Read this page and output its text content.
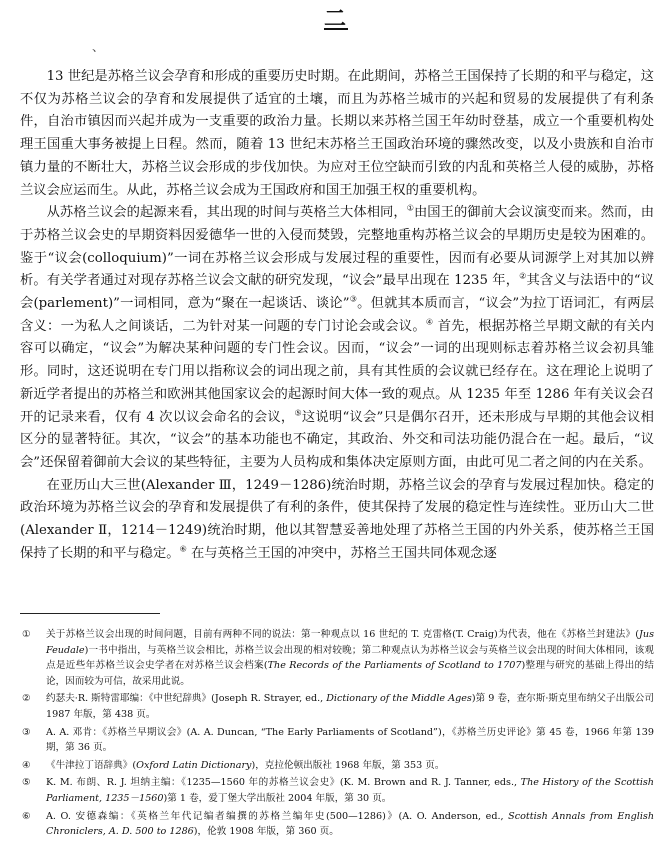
二
、

13 世纪是苏格兰议会孕育和形成的重要历史时期。在此期间，苏格兰王国保持了长期的和平与稳定，这不仅为苏格兰议会的孕育和发展提供了适宜的土壤，而且为苏格兰城市的兴起和贸易的发展提供了有利条件，自治市镇因而兴起并成为一支重要的政治力量。长期以来苏格兰国王年幼时登基，成立一个重要机构处理王国重大事务被提上日程。然而，随着 13 世纪末苏格兰王国政治环境的骤然改变，以及小贵族和自治市镇力量的不断壮大，苏格兰议会形成的步伐加快。为应对王位空缺而引致的内乱和英格兰人侵的威胁，苏格兰议会应运而生。从此，苏格兰议会成为王国政府和国王加强王权的重要机构。

从苏格兰议会的起源来看，其出现的时间与英格兰大体相同，①由国王的御前大会议演变而来。然而，由于苏格兰议会史的早期资料因爱德华一世的入侵而焚毁，完整地重构苏格兰议会的早期历史是较为困难的。鉴于“议会(colloquium)”一词在苏格兰议会形成与发展过程的重要性，因而有必要从词源学上对其加以辨析。有关学者通过对现存苏格兰议会文献的研究发现，“议会”最早出现在 1235 年，②其含义与法语中的“议会(parlement)”一词相同，意为“聚在一起谈话、谈论”③。但就其本质而言，“议会”为拉丁语词汇，有两层含义：一为私人之间谈话，二为针对某一问题的专门讨论会或会议。④ 首先，根据苏格兰早期文献的有关内容可以确定，“议会”为解决某种问题的专门性会议。因而，“议会”一词的出现则标志着苏格兰议会初具雏形。同时，这还说明在专门用以指称议会的词出现之前，具有其性质的会议就已经存在。这在理论上说明了新近学者提出的苏格兰和欧洲其他国家议会的起源时间大体一致的观点。从 1235 年至 1286 年有关议会召开的记录来看，仅有 4 次以议会命名的会议，⑤这说明“议会”只是偶尔召开，还未形成与早期的其他会议相区分的显著特征。其次，“议会”的基本功能也不确定，其政治、外交和司法功能仍混合在一起。最后，“议会”还保留着御前大会议的某些特征，主要为人员构成和集体决定原则方面，由此可见二者之间的内在关系。

在亚历山大三世(Alexander Ⅲ，1249－1286)统治时期，苏格兰议会的孕育与发展过程加快。稳定的政治环境为苏格兰议会的孕育和发展提供了有利的条件，使其保持了发展的稳定性与连续性。亚历山大二世(Alexander Ⅱ，1214－1249)统治时期，他以其智慧妥善地处理了苏格兰王国的内外关系，使苏格兰王国保持了长期的和平与稳定。⑥ 在与英格兰王国的冲突中，苏格兰王国共同体观念逐

①	关于苏格兰议会出现的时间问题，目前有两种不同的说法：第一种观点以 16 世纪的 T. 克雷格(T. Craig)为代表，他在《苏格兰封建法》(Jus Feudale)一书中指出，与英格兰议会相比，苏格兰议会出现的相对较晚；第二种观点认为苏格兰议会与英格兰议会出现的时间大体相同，该观点是近些年苏格兰议会史学者在对苏格兰议会档案(The Records of the Parliaments of Scotland to 1707)整理与研究的基础上得出的结论，因而较为可信，故采用此说。
②	约瑟夫·R. 斯特雷耶编：《中世纪辞典》(Joseph R. Strayer, ed., Dictionary of the Middle Ages)第 9 卷，查尔斯·斯克里布纳父子出版公司 1987 年版，第 438 页。
③	A. A. 邓肯：《苏格兰早期议会》(A. A. Duncan, “The Early Parliaments of Scotland”)，《苏格兰历史评论》第 45 卷，1966 年第 139 期，第 36 页。
④	《牛津拉丁语辞典》(Oxford Latin Dictionary)，克拉伦顿出版社 1968 年版，第 353 页。
⑤	K. M. 布朗、R. J. 坦纳主编：《1235—1560 年的苏格兰议会史》(K. M. Brown and R. J. Tanner, eds., The History of the Scottish Parliament, 1235－1560)第 1 卷，爱丁堡大学出版社 2004 年版，第 30 页。
⑥	A. O. 安德森编：《英格兰年代记编者编撰的苏格兰编年史(500—1286)》(A. O. Anderson, ed., Scottish Annals from English Chroniclers, A. D. 500 to 1286)，伦敦 1908 年版，第 360 页。
